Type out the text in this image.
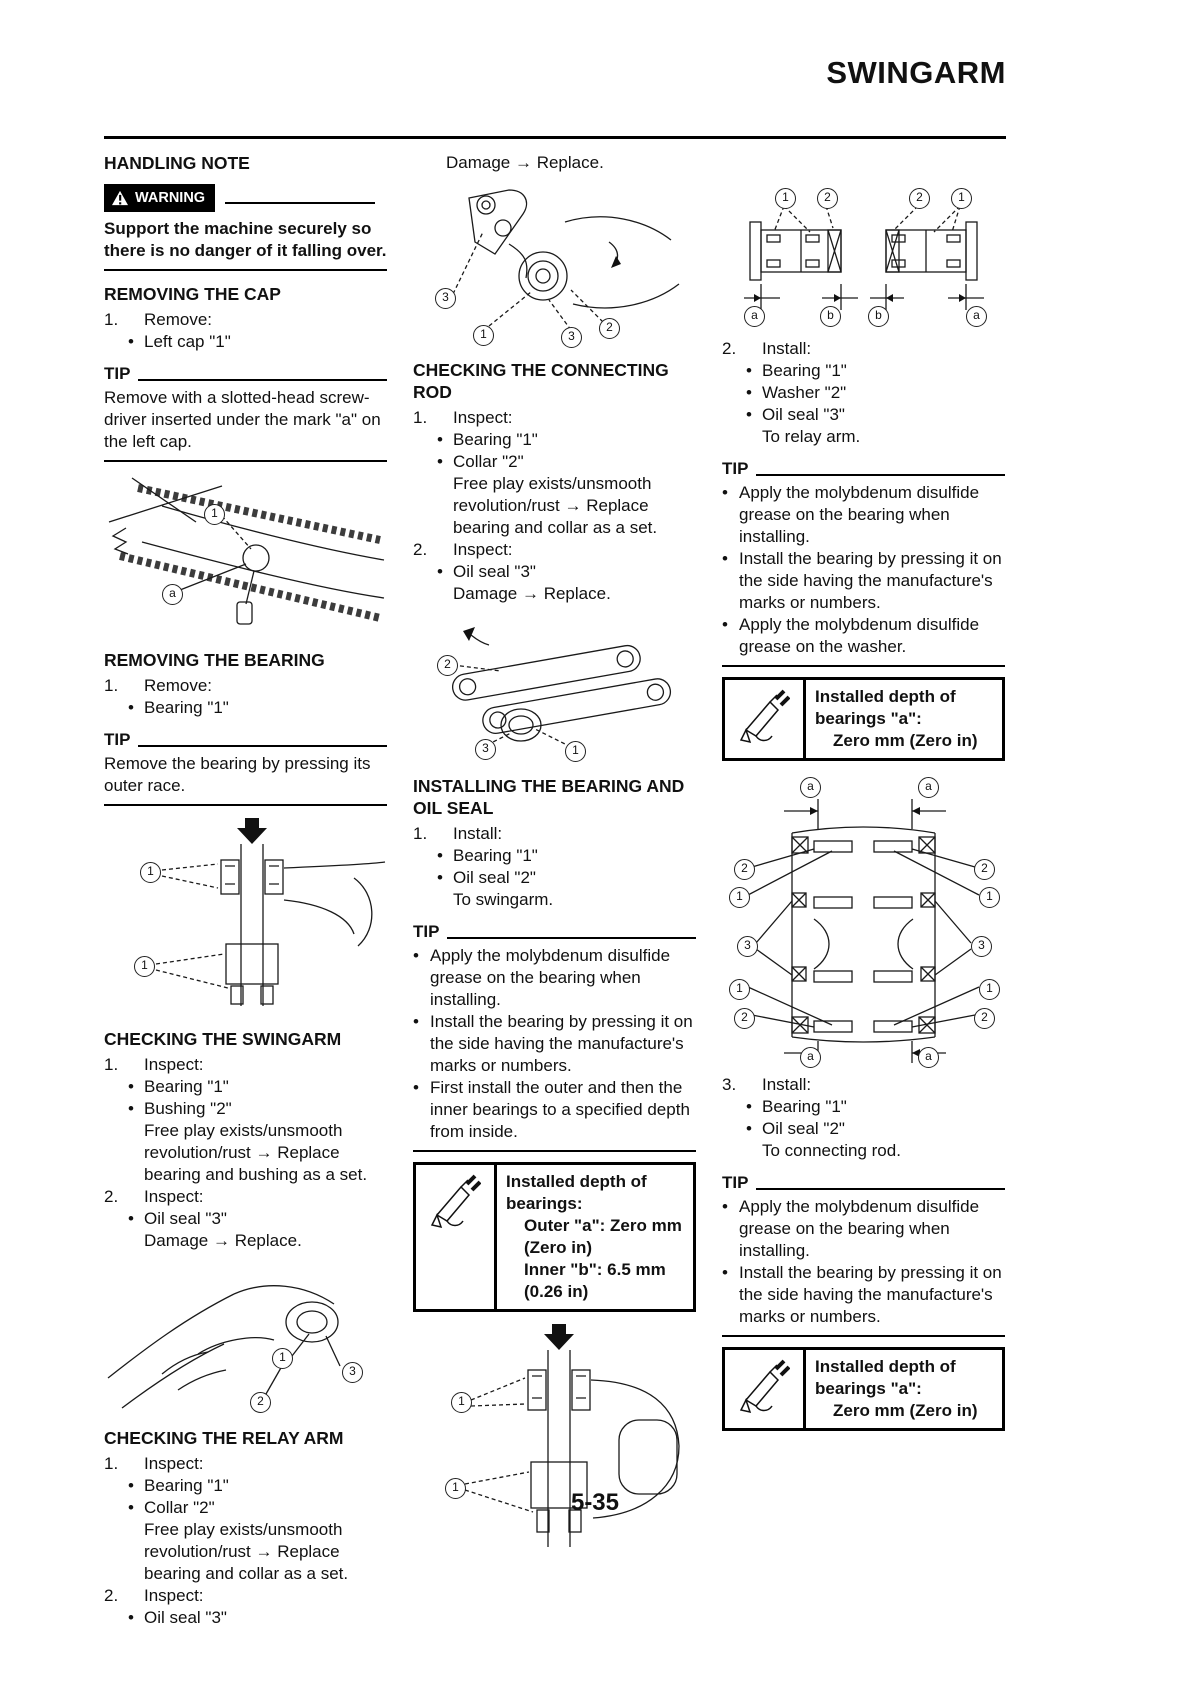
SWINGARM
HANDLING NOTE
WARNING

Support the machine securely so there is no danger of it falling over.

REMOVING THE CAP
1.	Remove:
• Left cap "1"
TIP
Remove with a slotted-head screw-driver inserted under the mark "a" on the left cap.
1
a
REMOVING THE BEARING
1.	Remove:
• Bearing "1"
TIP
Remove the bearing by pressing its outer race.
1
1
CHECKING THE SWINGARM
1.	Inspect:
• Bearing "1"
• Bushing "2"
Free play exists/unsmooth revolution/rust → Replace bearing and bushing as a set.
2.	Inspect:
• Oil seal "3"
Damage → Replace.
1
3
2
CHECKING THE RELAY ARM
1.	Inspect:
• Bearing "1"
• Collar "2"
Free play exists/unsmooth revolution/rust → Replace bearing and collar as a set.
2.	Inspect:
• Oil seal "3"
Damage → Replace.
3
1	3
2
CHECKING THE CONNECTING ROD
1.	Inspect:
• Bearing "1"
• Collar "2"
Free play exists/unsmooth revolution/rust → Replace bearing and collar as a set.
2.	Inspect:
• Oil seal "3"
Damage → Replace.
2
3	1
INSTALLING THE BEARING AND OIL SEAL
1.	Install:
• Bearing "1"
• Oil seal "2"
To swingarm.
TIP
• Apply the molybdenum disulfide grease on the bearing when installing.
• Install the bearing by pressing it on the side having the manufacture's marks or numbers.
• First install the outer and then the inner bearings to a specified depth from inside.
Installed depth of bearings:
Outer "a": Zero mm (Zero in)
Inner "b": 6.5 mm (0.26 in)
1
1
1	2	2	1
a	b	b	a
2.	Install:
• Bearing "1"
• Washer "2"
• Oil seal "3"
To relay arm.
TIP
• Apply the molybdenum disulfide grease on the bearing when installing.
• Install the bearing by pressing it on the side having the manufacture's marks or numbers.
• Apply the molybdenum disulfide grease on the washer.
Installed depth of bearings "a":
Zero mm (Zero in)
a	a
2
1
3
1
2
2
1
3
1
2
a	a
3.	Install:
• Bearing "1"
• Oil seal "2"
To connecting rod.
TIP
• Apply the molybdenum disulfide grease on the bearing when installing.
• Install the bearing by pressing it on the side having the manufacture's marks or numbers.
Installed depth of bearings "a":
Zero mm (Zero in)
5-35
